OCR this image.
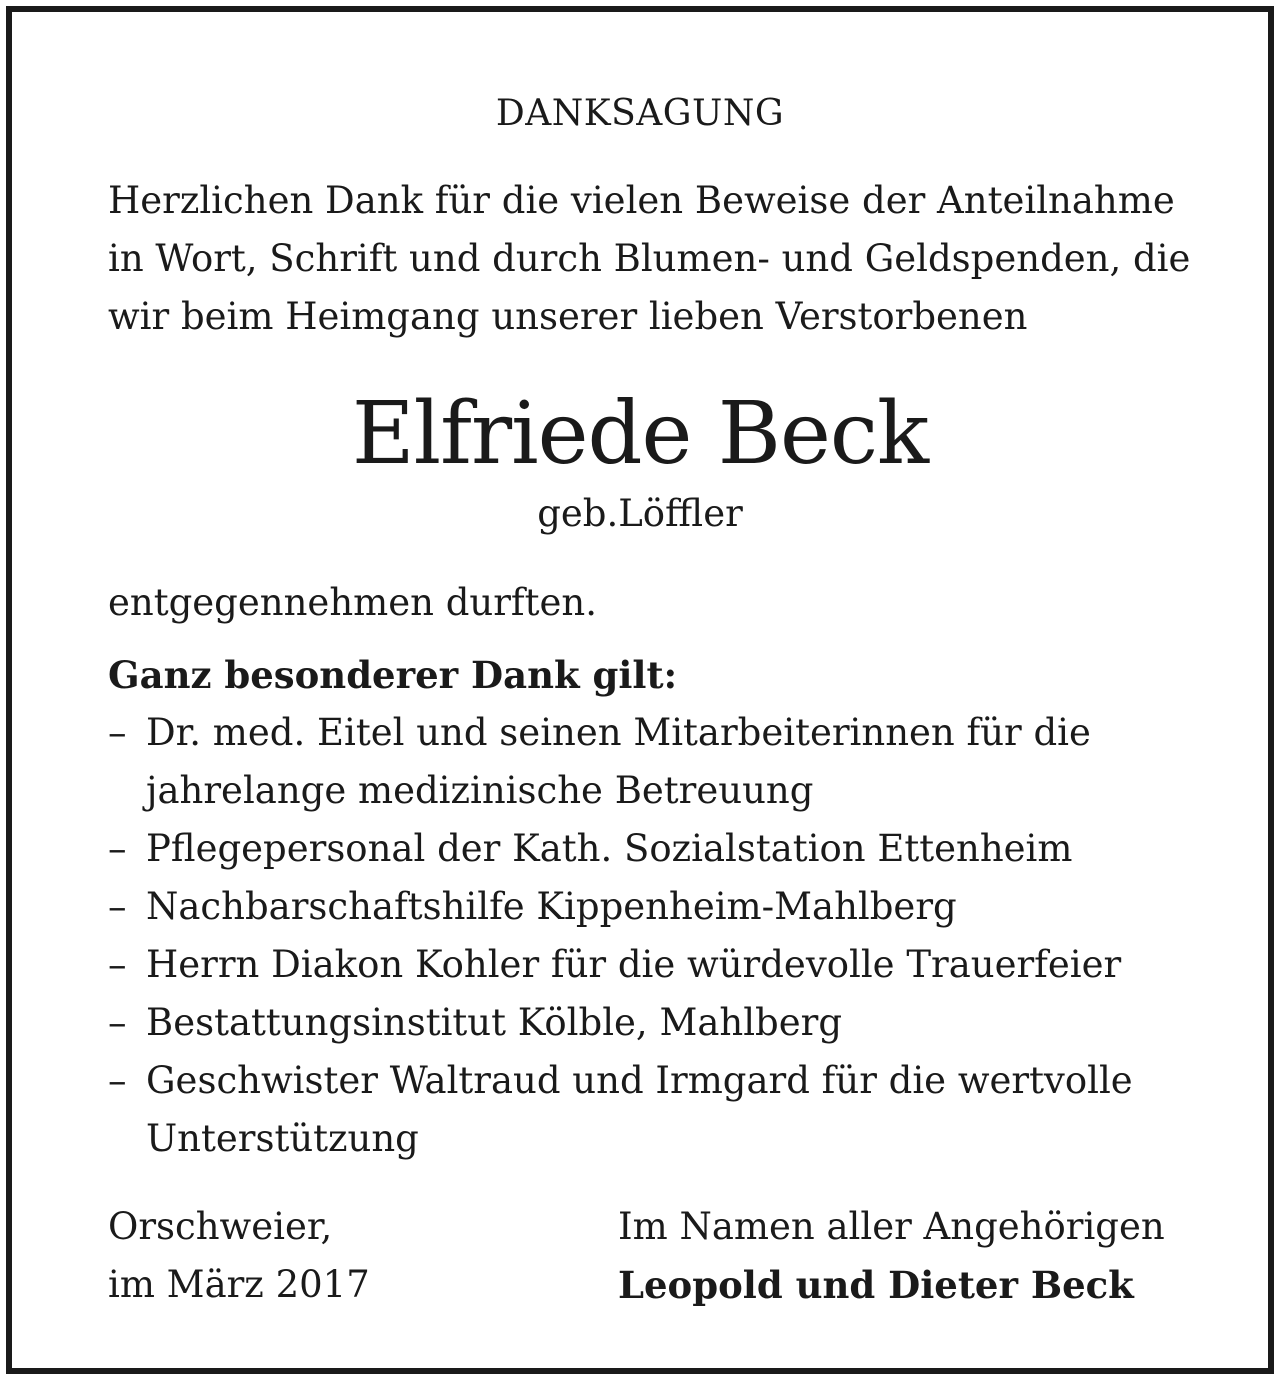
DANKSAGUNG
Herzlichen Dank für die vielen Beweise der Anteilnahme
in Wort, Schrift und durch Blumen- und Geldspenden, die
wir beim Heimgang unserer lieben Verstorbenen
Elfriede Beck
geb.Löffler
entgegennehmen durften.
Ganz besonderer Dank gilt:
– Dr. med. Eitel und seinen Mitarbeiterinnen für die
jahrelange medizinische Betreuung
– Pflegepersonal der Kath. Sozialstation Ettenheim
– Nachbarschaftshilfe Kippenheim-Mahlberg
– Herrn Diakon Kohler für die würdevolle Trauerfeier
– Bestattungsinstitut Kölble, Mahlberg
– Geschwister Waltraud und Irmgard für die wertvolle
Unterstützung
Orschweier,
im März 2017
Im Namen aller Angehörigen
Leopold und Dieter Beck
